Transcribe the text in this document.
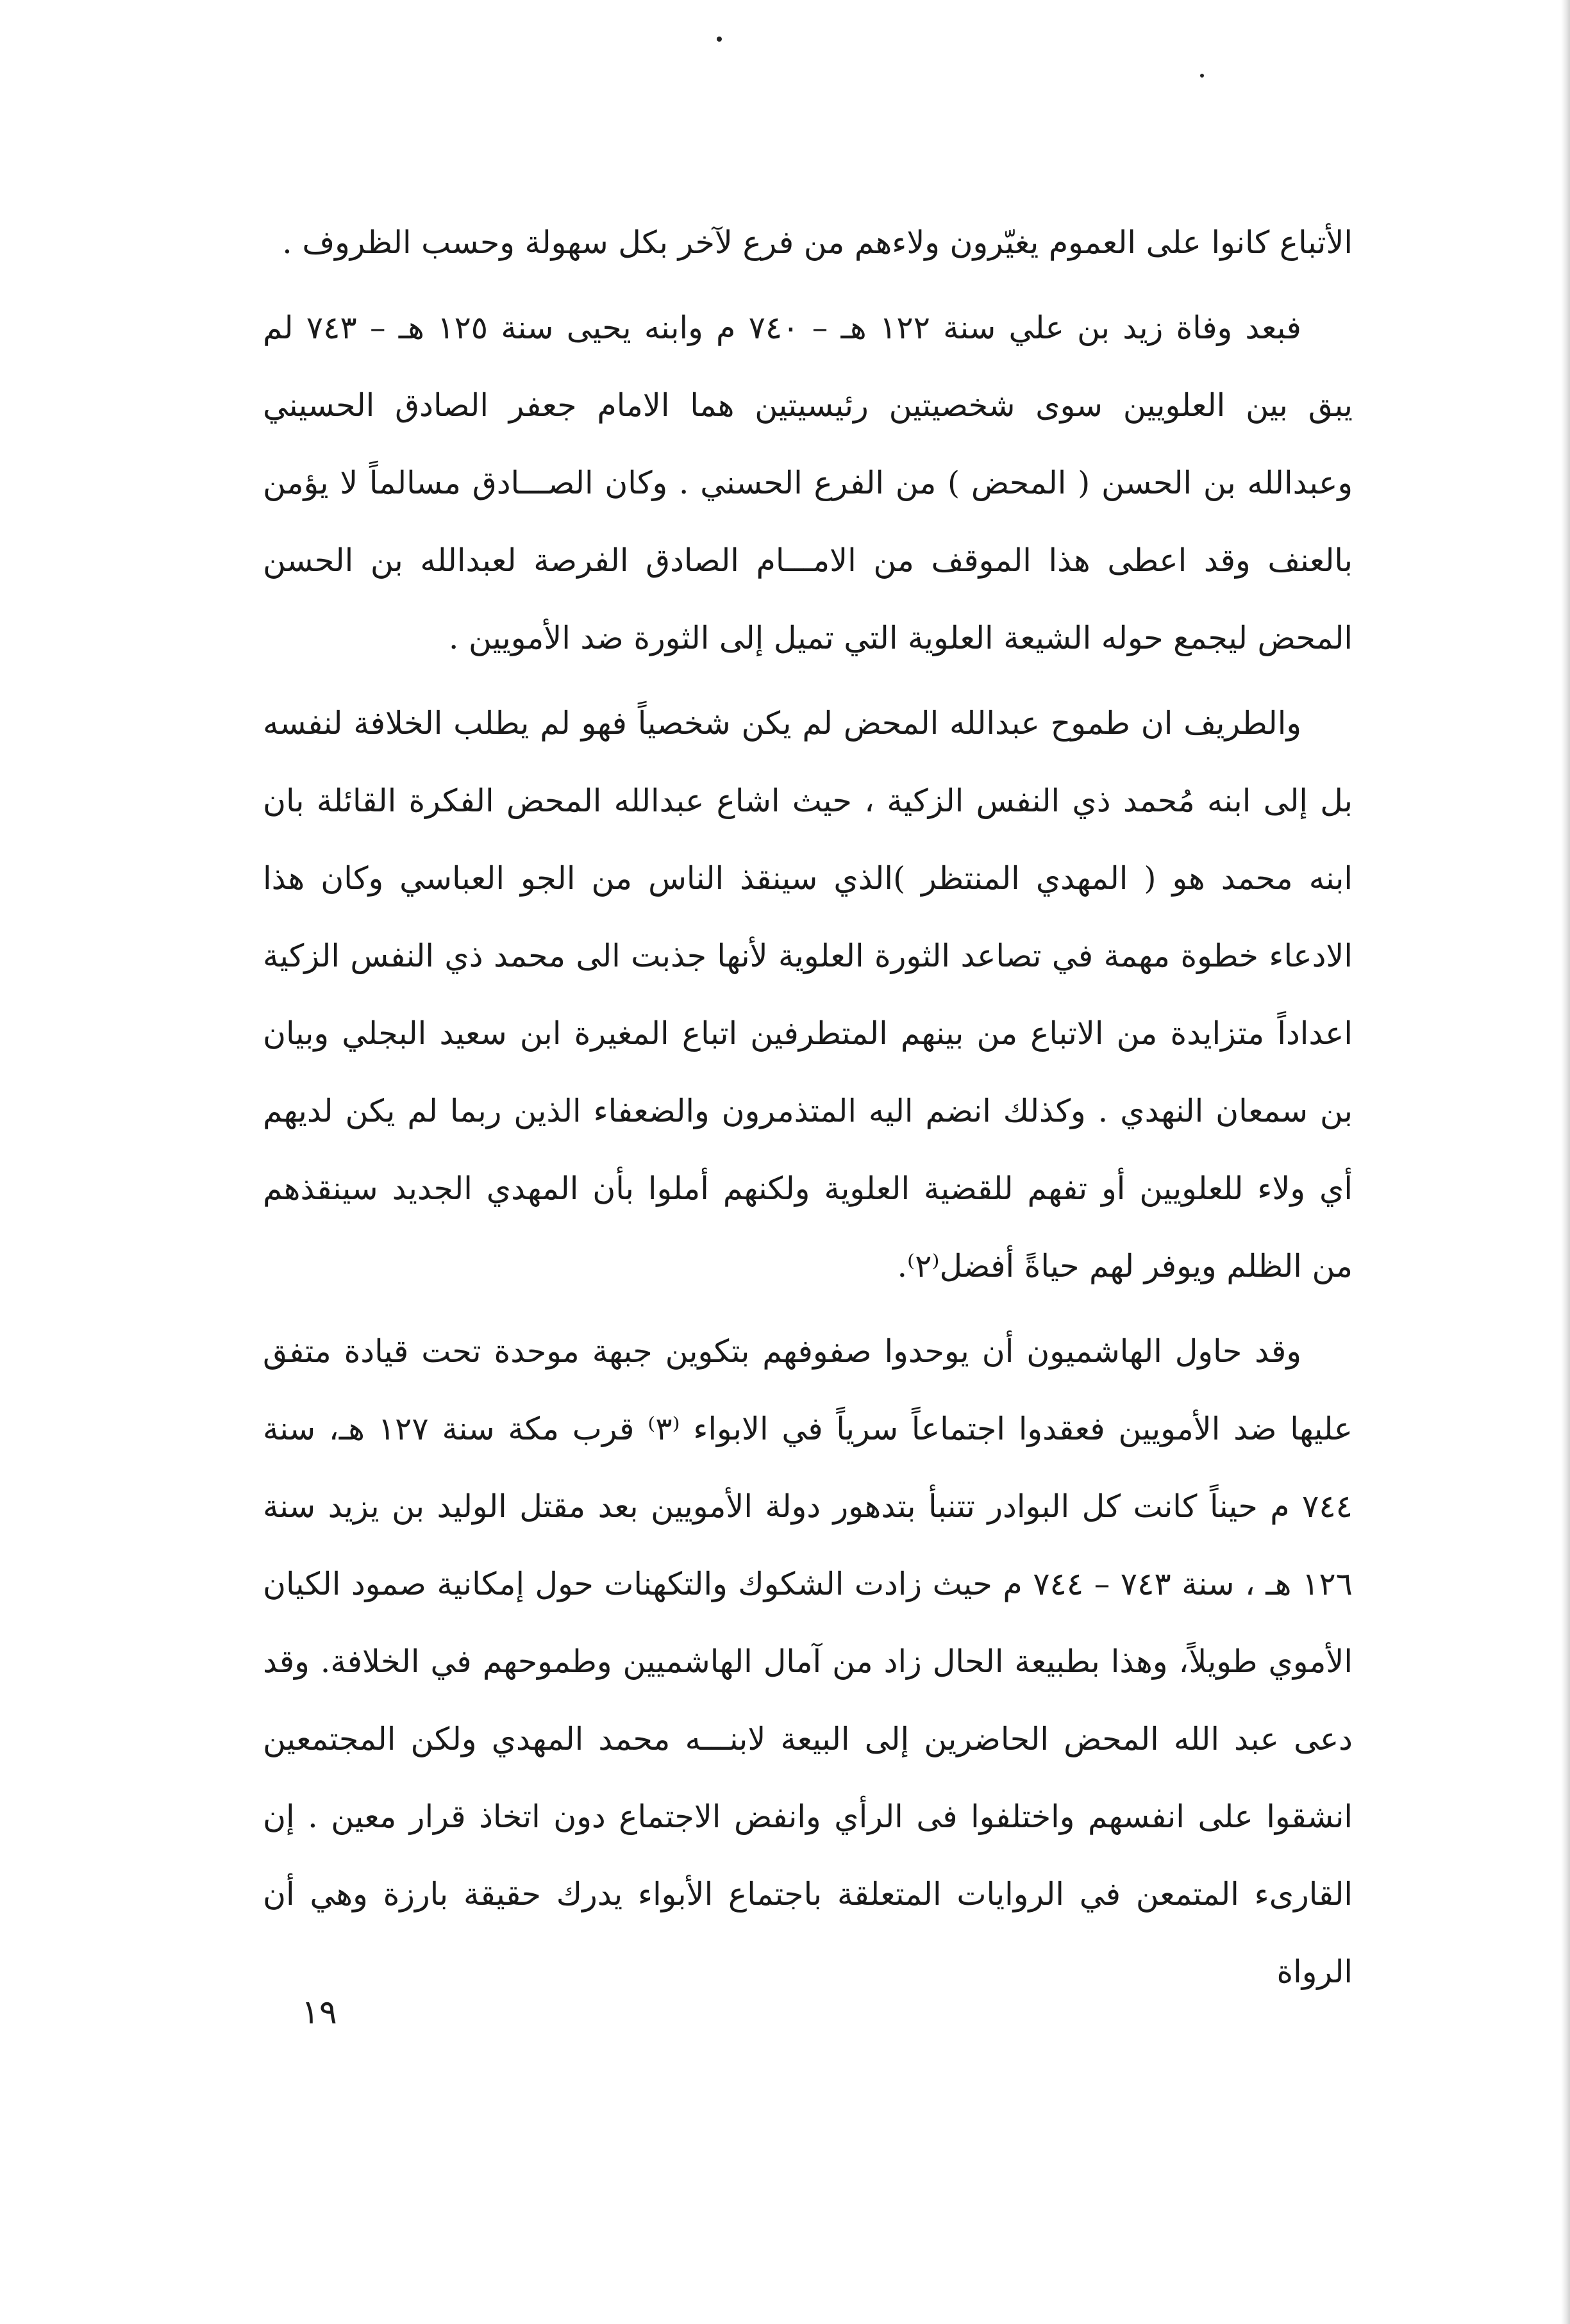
الأتباع كانوا على العموم يغيّرون ولاءهم من فرع لآخر بكل سهولة وحسب الظروف .

فبعد وفاة زيد بن علي سنة ١٢٢ هـ – ٧٤٠ م وابنه يحيى سنة ١٢٥ هـ – ٧٤٣ لم يبق بين العلويين سوى شخصيتين رئيسيتين هما الامام جعفر الصادق الحسيني وعبدالله بن الحسن ( المحض ) من الفرع الحسني . وكان الصـــادق مسالماً لا يؤمن بالعنف وقد اعطى هذا الموقف من الامـــام الصادق الفرصة لعبدالله بن الحسن المحض ليجمع حوله الشيعة العلوية التي تميل إلى الثورة ضد الأمويين .

والطريف ان طموح عبدالله المحض لم يكن شخصياً فهو لم يطلب الخلافة لنفسه بل إلى ابنه مُحمد ذي النفس الزكية ، حيث اشاع عبدالله المحض الفكرة القائلة بان ابنه محمد هو ( المهدي المنتظر )الذي سينقذ الناس من الجو العباسي وكان هذا الادعاء خطوة مهمة في تصاعد الثورة العلوية لأنها جذبت الى محمد ذي النفس الزكية اعداداً متزايدة من الاتباع من بينهم المتطرفين اتباع المغيرة ابن سعيد البجلي وبيان بن سمعان النهدي . وكذلك انضم اليه المتذمرون والضعفاء الذين ربما لم يكن لديهم أي ولاء للعلويين أو تفهم للقضية العلوية ولكنهم أملوا بأن المهدي الجديد سينقذهم من الظلم ويوفر لهم حياةً أفضل⁽٢⁾.

وقد حاول الهاشميون أن يوحدوا صفوفهم بتكوين جبهة موحدة تحت قيادة متفق عليها ضد الأمويين فعقدوا اجتماعاً سرياً في الابواء ⁽٣⁾ قرب مكة سنة ١٢٧ هـ، سنة ٧٤٤ م حيناً كانت كل البوادر تتنبأ بتدهور دولة الأمويين بعد مقتل الوليد بن يزيد سنة ١٢٦ هـ ، سنة ٧٤٣ – ٧٤٤ م حيث زادت الشكوك والتكهنات حول إمكانية صمود الكيان الأموي طويلاً، وهذا بطبيعة الحال زاد من آمال الهاشميين وطموحهم في الخلافة. وقد دعى عبد الله المحض الحاضرين إلى البيعة لابنـــه محمد المهدي ولكن المجتمعين انشقوا على انفسهم واختلفوا فى الرأي وانفض الاجتماع دون اتخاذ قرار معين . إن القارىء المتمعن في الروايات المتعلقة باجتماع الأبواء يدرك حقيقة بارزة وهي أن الرواة

١٩
